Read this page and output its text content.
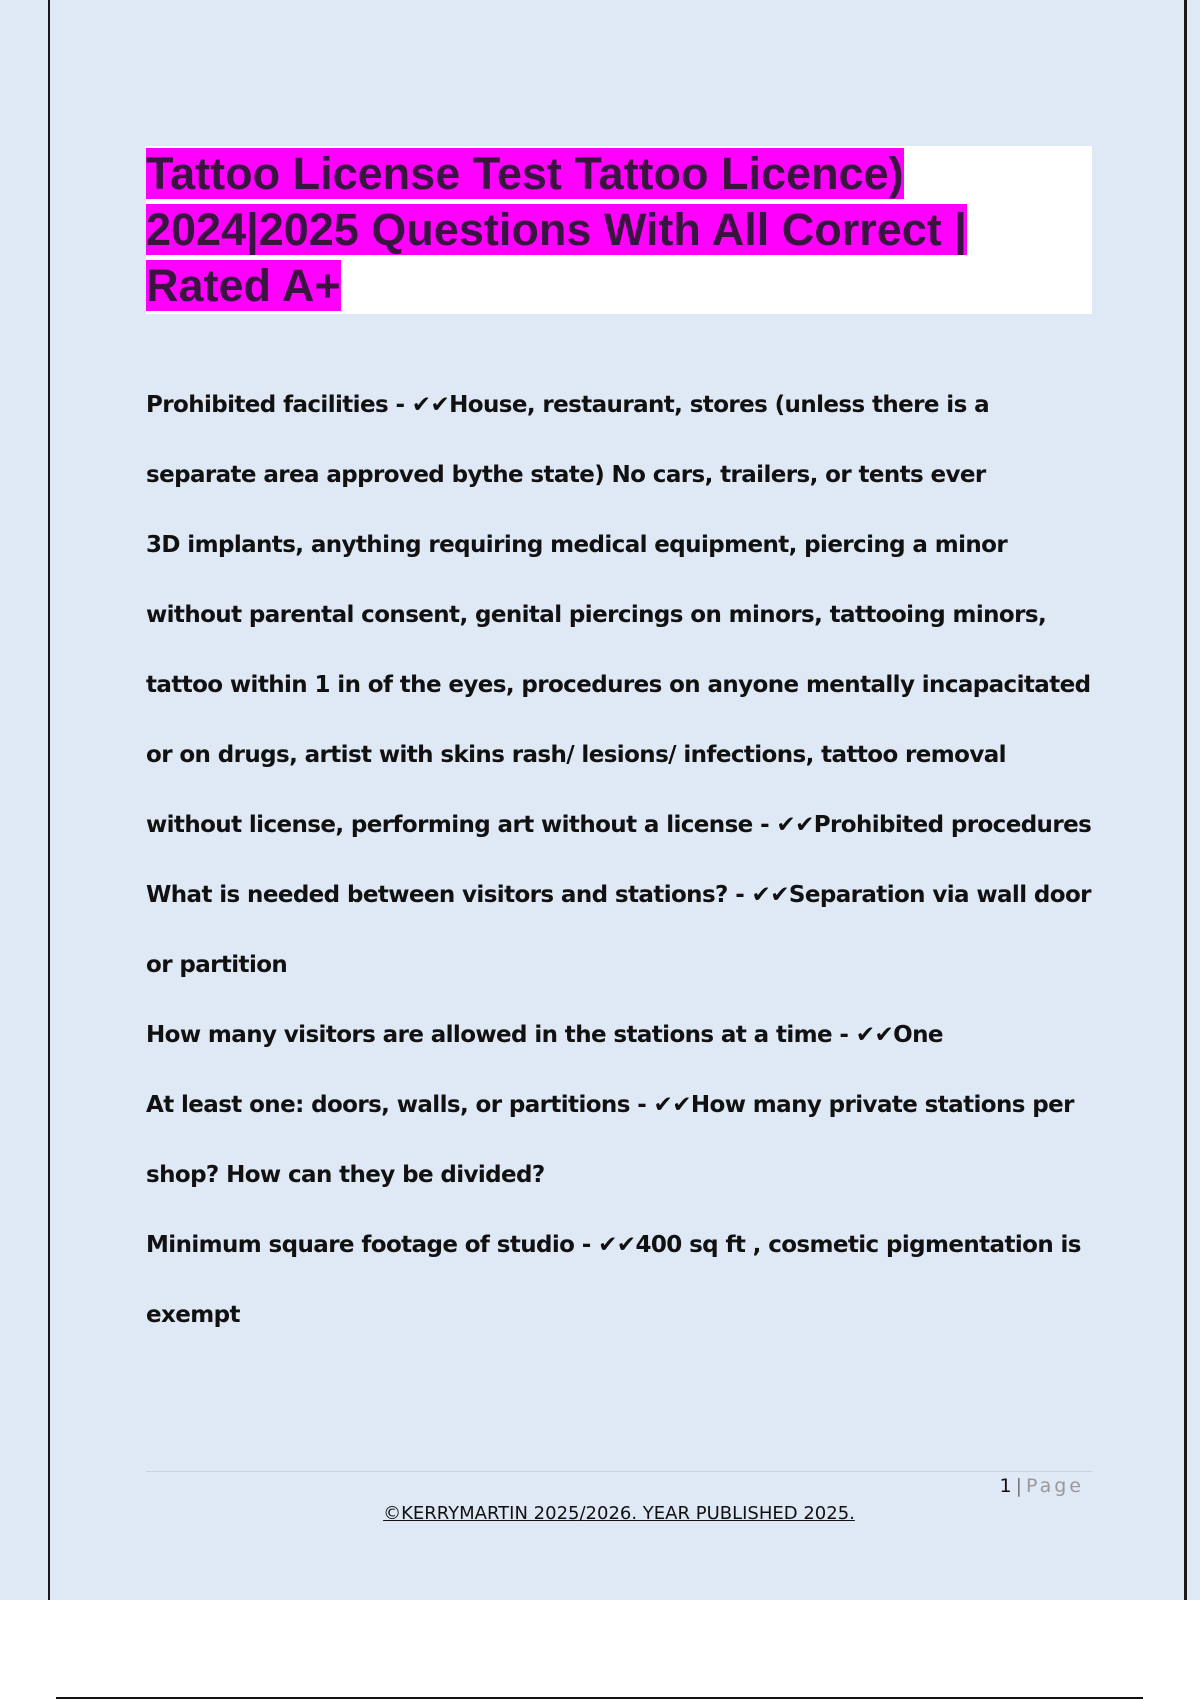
Tattoo License Test Tattoo Licence) 2024|2025 Questions With All Correct | Rated A+

Prohibited facilities - ✔✔House, restaurant, stores (unless there is a separate area approved bythe state) No cars, trailers, or tents ever

3D implants, anything requiring medical equipment, piercing a minor without parental consent, genital piercings on minors, tattooing minors, tattoo within 1 in of the eyes, procedures on anyone mentally incapacitated or on drugs, artist with skins rash/ lesions/ infections, tattoo removal without license, performing art without a license - ✔✔Prohibited procedures

What is needed between visitors and stations? - ✔✔Separation via wall door or partition

How many visitors are allowed in the stations at a time - ✔✔One

At least one: doors, walls, or partitions - ✔✔How many private stations per shop? How can they be divided?

Minimum square footage of studio - ✔✔400 sq ft , cosmetic pigmentation is exempt

1 | Page
©KERRYMARTIN 2025/2026. YEAR PUBLISHED 2025.
